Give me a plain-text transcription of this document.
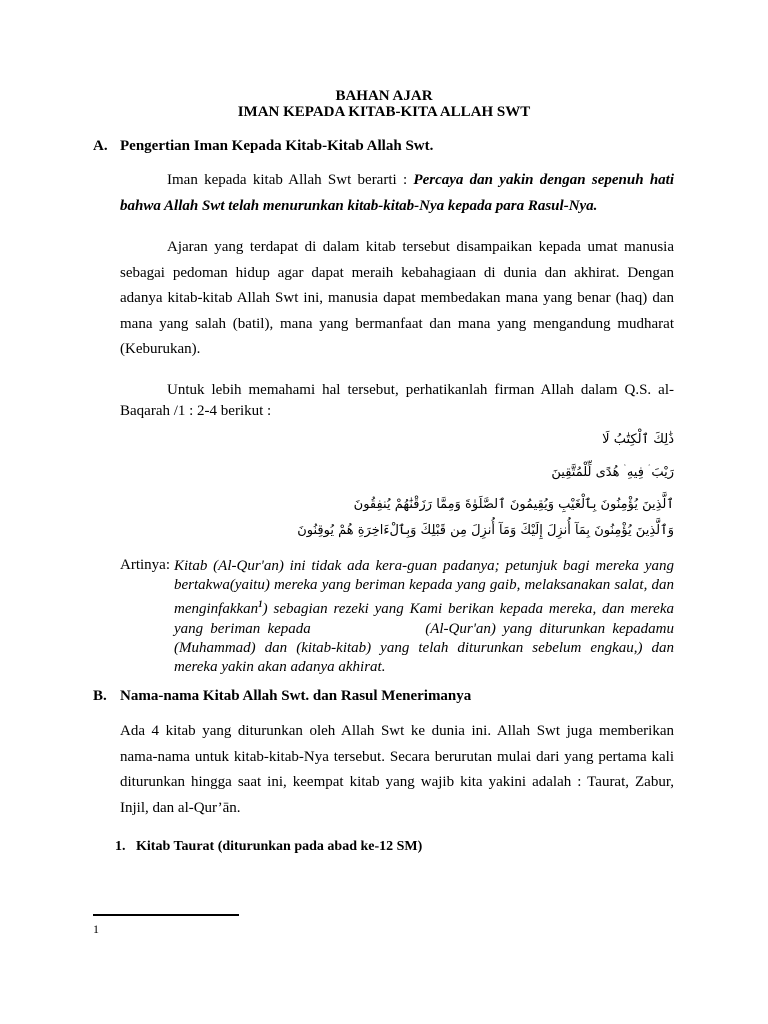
BAHAN AJAR
IMAN KEPADA KITAB-KITA ALLAH SWT
A. Pengertian Iman Kepada Kitab-Kitab Allah Swt.

Iman kepada kitab Allah Swt berarti : Percaya dan yakin dengan sepenuh hati bahwa Allah Swt telah menurunkan kitab-kitab-Nya kepada para Rasul-Nya.

Ajaran yang terdapat di dalam kitab tersebut disampaikan kepada umat manusia sebagai pedoman hidup agar dapat meraih kebahagiaan di dunia dan akhirat. Dengan adanya kitab-kitab Allah Swt ini, manusia dapat membedakan mana yang benar (haq) dan mana yang salah (batil), mana yang bermanfaat dan mana yang mengandung mudharat (Keburukan).

Untuk lebih memahami hal tersebut, perhatikanlah firman Allah dalam Q.S. al-Baqarah /1 : 2-4 berikut :

ذَٰلِكَ ٱلْكِتَٰبُ لَا
رَيْبَ ۛ فِيهِ ۛ هُدًى لِّلْمُتَّقِينَ
ٱلَّذِينَ يُؤْمِنُونَ بِٱلْغَيْبِ وَيُقِيمُونَ ٱلصَّلَوٰةَ وَمِمَّا رَزَقْنَٰهُمْ يُنفِقُونَ
وَٱلَّذِينَ يُؤْمِنُونَ بِمَآ أُنزِلَ إِلَيْكَ وَمَآ أُنزِلَ مِن قَبْلِكَ وَبِٱلْءَاخِرَةِ هُمْ يُوقِنُونَ
Artinya: Kitab (Al-Qur'an) ini tidak ada kera-guan padanya; petunjuk bagi mereka yang bertakwa(yaitu) mereka yang beriman kepada yang gaib, melaksanakan salat, dan menginfakkan$^1$) sebagian rezeki yang Kami berikan kepada mereka, dan mereka yang beriman kepada                (Al-Qur'an) yang diturunkan kepadamu (Muhammad) dan (kitab-kitab) yang telah diturunkan sebelum engkau,) dan mereka yakin akan adanya akhirat.
B. Nama-nama Kitab Allah Swt. dan Rasul Menerimanya

Ada 4 kitab yang diturunkan oleh Allah Swt ke dunia ini. Allah Swt juga memberikan nama-nama untuk kitab-kitab-Nya tersebut. Secara berurutan mulai dari yang pertama kali diturunkan hingga saat ini, keempat kitab yang wajib kita yakini adalah : Taurat, Zabur, Injil, dan al-Qur’ān.

1.   Kitab Taurat (diturunkan pada abad ke-12 SM)
1
